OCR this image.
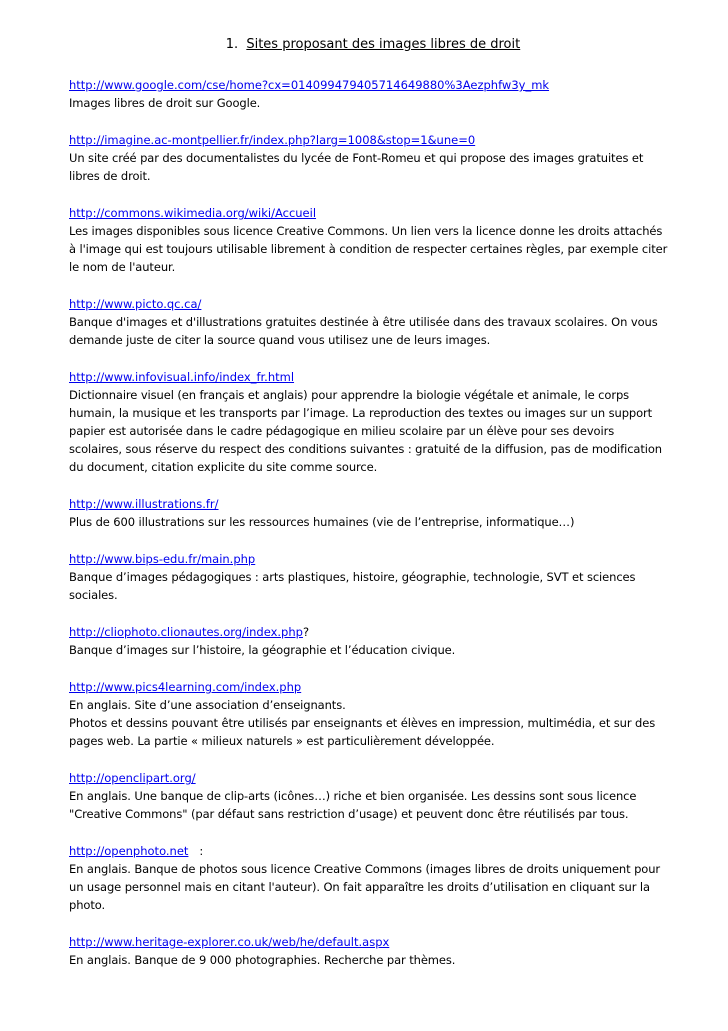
1. Sites proposant des images libres de droit
http://www.google.com/cse/home?cx=014099479405714649880%3Aezphfw3y_mk

Images libres de droit sur Google.

http://imagine.ac-montpellier.fr/index.php?larg=1008&stop=1&une=0

Un site créé par des documentalistes du lycée de Font-Romeu et qui propose des images gratuites et libres de droit.

http://commons.wikimedia.org/wiki/Accueil

Les images disponibles sous licence Creative Commons. Un lien vers la licence donne les droits attachés à l'image qui est toujours utilisable librement à condition de respecter certaines règles, par exemple citer le nom de l'auteur.

http://www.picto.qc.ca/

Banque d'images et d'illustrations gratuites destinée à être utilisée dans des travaux scolaires. On vous demande juste de citer la source quand vous utilisez une de leurs images.

http://www.infovisual.info/index_fr.html

Dictionnaire visuel (en français et anglais) pour apprendre la biologie végétale et animale, le corps humain, la musique et les transports par l’image. La reproduction des textes ou images sur un support papier est autorisée dans le cadre pédagogique en milieu scolaire par un élève pour ses devoirs scolaires, sous réserve du respect des conditions suivantes : gratuité de la diffusion, pas de modification du document, citation explicite du site comme source.

http://www.illustrations.fr/

Plus de 600 illustrations sur les ressources humaines (vie de l’entreprise, informatique…)

http://www.bips-edu.fr/main.php

Banque d’images pédagogiques : arts plastiques, histoire, géographie, technologie, SVT et sciences sociales.

http://cliophoto.clionautes.org/index.php?

Banque d’images sur l’histoire, la géographie et l’éducation civique.

http://www.pics4learning.com/index.php

En anglais. Site d’une association d’enseignants.

Photos et dessins pouvant être utilisés par enseignants et élèves en impression, multimédia, et sur des pages web. La partie « milieux naturels » est particulièrement développée.

http://openclipart.org/

En anglais. Une banque de clip-arts (icônes…) riche et bien organisée. Les dessins sont sous licence "Creative Commons" (par défaut sans restriction d’usage) et peuvent donc être réutilisés par tous.

http://openphoto.net   :

En anglais. Banque de photos sous licence Creative Commons (images libres de droits uniquement pour un usage personnel mais en citant l'auteur). On fait apparaître les droits d’utilisation en cliquant sur la photo.

http://www.heritage-explorer.co.uk/web/he/default.aspx

En anglais. Banque de 9 000 photographies. Recherche par thèmes.
